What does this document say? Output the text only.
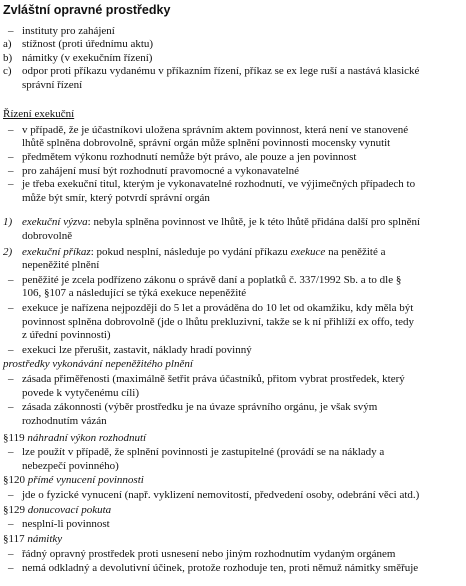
Zvláštní opravné prostředky
– instituty pro zahájení
a) stížnost (proti úřednímu aktu)
b) námitky (v exekučním řízení)
c) odpor proti příkazu vydanému v příkazním řízení, příkaz se ex lege ruší a nastává klasické
správní řízení
Řízení exekuční
– v případě, že je účastníkovi uložena správním aktem povinnost, která není ve stanovené
lhůtě splněna dobrovolně, správní orgán může splnění povinnosti mocensky vynutit
– předmětem výkonu rozhodnutí nemůže být právo, ale pouze a jen povinnost
– pro zahájení musí být rozhodnutí pravomocné a vykonavatelné
– je třeba exekuční titul, kterým je vykonavatelné rozhodnutí, ve výjimečných případech to
může být smír, který potvrdí správní orgán
1) exekuční výzva: nebyla splněna povinnost ve lhůtě, je k této lhůtě přidána další pro splnění
dobrovolně
2) exekuční příkaz: pokud nesplní, následuje po vydání příkazu exekuce na peněžité a
nepeněžité plnění
– peněžité je zcela podřízeno zákonu o správě daní a poplatků č. 337/1992 Sb. a to dle §
106, §107 a následující se týká exekuce nepeněžité
– exekuce je nařízena nejpozději do 5 let a prováděna do 10 let od okamžiku, kdy měla být
povinnost splněna dobrovolně (jde o lhůtu prekluzivní, takže se k ní přihlíží ex offo, tedy
z úřední povinnosti)
– exekuci lze přerušit, zastavit, náklady hradí povinný
prostředky vykonávání nepeněžitého plnění
– zásada přiměřenosti (maximálně šetřit práva účastníků, přitom vybrat prostředek, který
povede k vytyčenému cíli)
– zásada zákonnosti (výběr prostředku je na úvaze správního orgánu, je však svým
rozhodnutím vázán
§119 náhradní výkon rozhodnutí
– lze použít v případě, že splnění povinnosti je zastupitelné (provádí se na náklady a
nebezpečí povinného)
§120 přímé vynucení povinnosti
– jde o fyzické vynucení (např. vyklizení nemovitostí, předvedení osoby, odebrání věci atd.)
§129 donucovací pokuta
– nesplní-li povinnost
§117 námitky
– řádný opravný prostředek proti usnesení nebo jiným rozhodnutím vydaným orgánem
– nemá odkladný a devolutivní účinek, protože rozhoduje ten, proti němuž námitky směřuje
